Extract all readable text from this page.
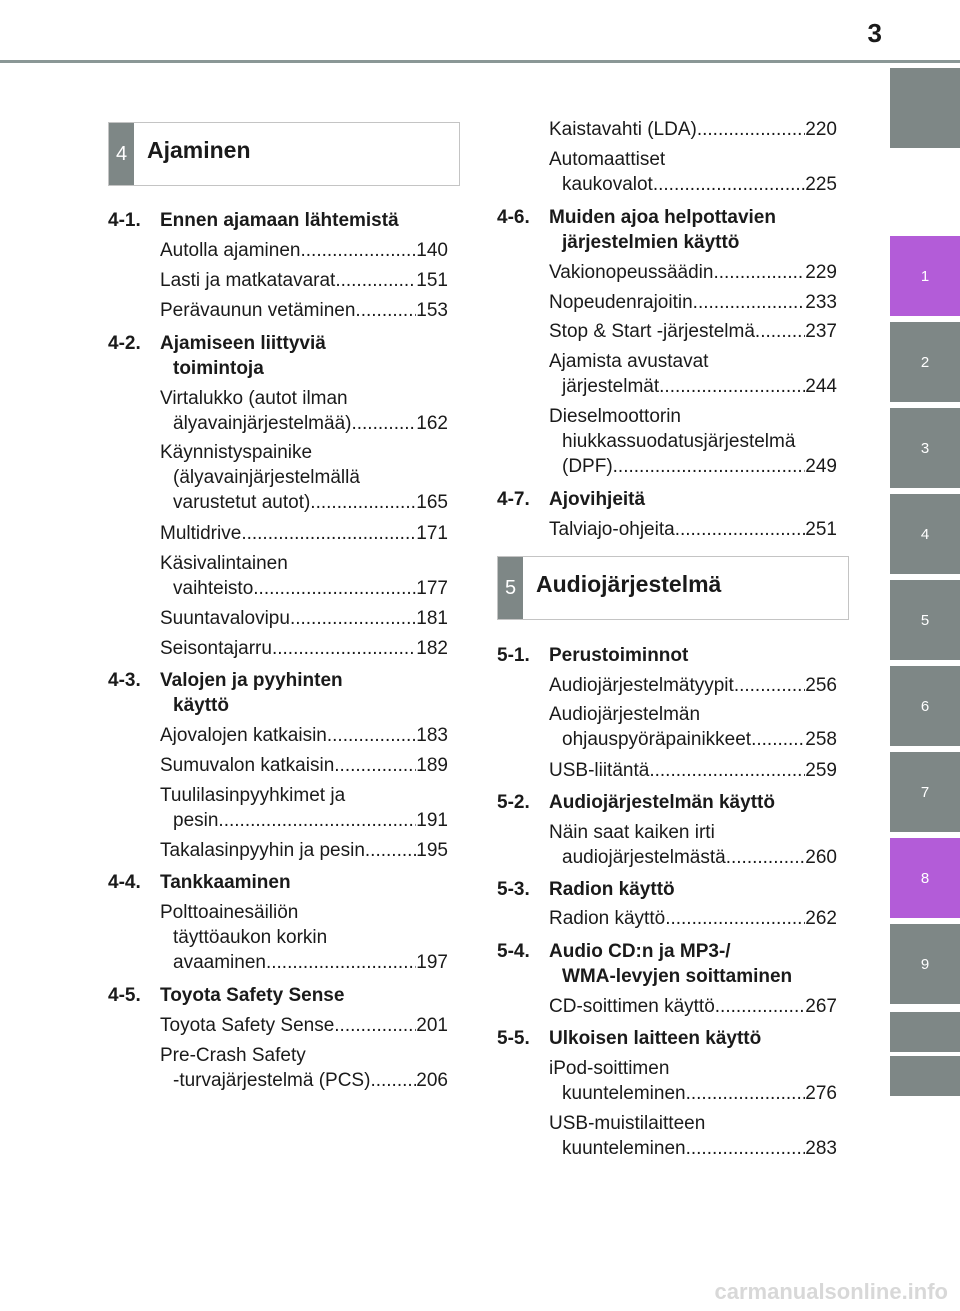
3
1
2
3
4
5
6
7
8
9
4 Ajaminen
4-1. Ennen ajamaan lähtemistä
Autolla ajaminen .....	140
Lasti ja matkatavarat .....	151
Perävaunun vetäminen .....	153
4-2. Ajamiseen liittyviä
toimintoja
Virtalukko (autot ilman
älyavainjärjestelmää) .....	162
Käynnistyspainike
(älyavainjärjestelmällä
varustetut autot) .....	165
Multidrive .....	171
Käsivalintainen
vaihteisto .....	177
Suuntavalovipu .....	181
Seisontajarru .....	182
4-3. Valojen ja pyyhinten
käyttö
Ajovalojen katkaisin .....	183
Sumuvalon katkaisin .....	189
Tuulilasinpyyhkimet ja
pesin .....	191
Takalasinpyyhin ja pesin .....	195
4-4. Tankkaaminen
Polttoainesäiliön
täyttöaukon korkin
avaaminen .....	197
4-5. Toyota Safety Sense
Toyota Safety Sense .....	201
Pre-Crash Safety
-turvajärjestelmä (PCS) ..... 206
Kaistavahti (LDA) .....	220
Automaattiset
kaukovalot .....	225
4-6. Muiden ajoa helpottavien
järjestelmien käyttö
Vakionopeussäädin .....	229
Nopeudenrajoitin .....	233
Stop & Start -järjestelmä .....	237
Ajamista avustavat
järjestelmät .....	244
Dieselmoottorin
hiukkassuodatusjärjestelmä
(DPF) .....	249
4-7. Ajovihjeitä
Talviajo-ohjeita .....	251
5 Audiojärjestelmä
5-1. Perustoiminnot
Audiojärjestelmätyypit .....	256
Audiojärjestelmän
ohjauspyöräpainikkeet .....	258
USB-liitäntä .....	259
5-2. Audiojärjestelmän käyttö
Näin saat kaiken irti
audiojärjestelmästä .....	260
5-3. Radion käyttö
Radion käyttö .....	262
5-4. Audio CD:n ja MP3-/
WMA-levyjen soittaminen
CD-soittimen käyttö .....	267
5-5. Ulkoisen laitteen käyttö
iPod-soittimen
kuunteleminen .....	276
USB-muistilaitteen
kuunteleminen .....	283
carmanualsonline.info
